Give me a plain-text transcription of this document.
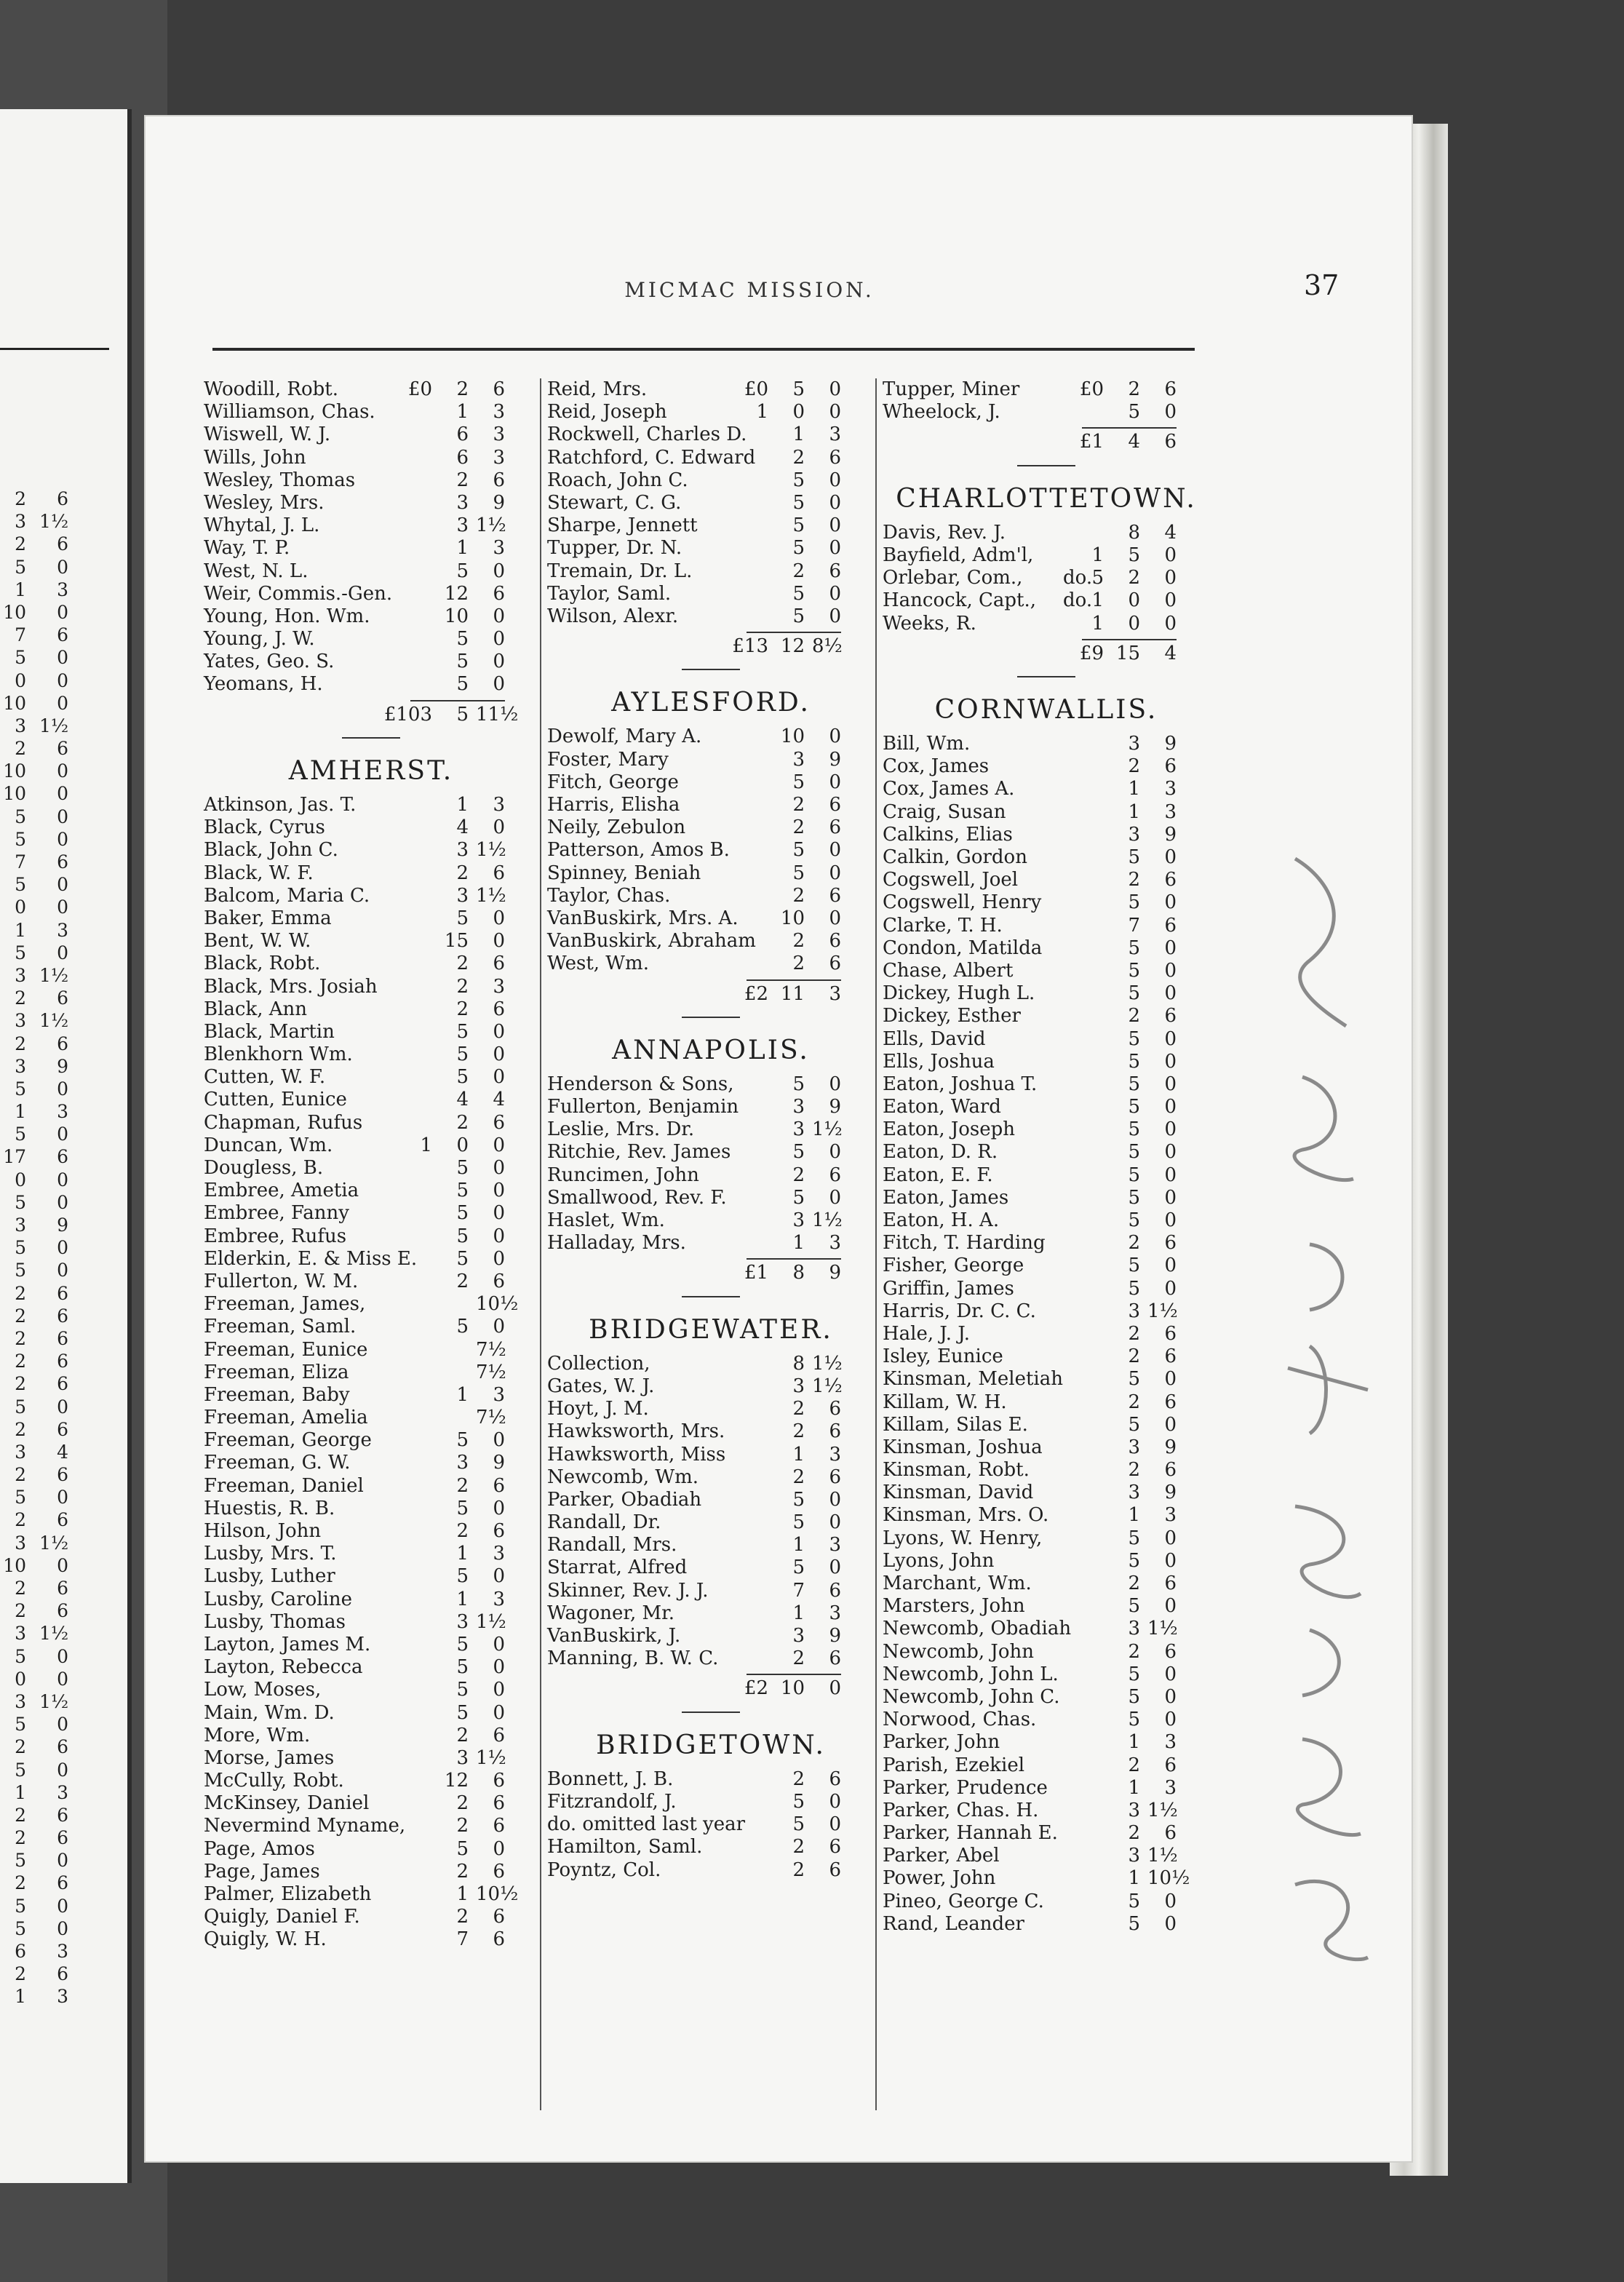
2 6
3 1½
2 6
5 0
1 3
10 0
7 6
5 0
0 0
10 0
3 1½
2 6
10 0
10 0
5 0
5 0
7 6
5 0
0 0
1 3
5 0
3 1½
2 6
3 1½
2 6
3 9
5 0
1 3
5 0
17 6
0 0
5 0
3 9
5 0
5 0
2 6
2 6
2 6
2 6
2 6
5 0
2 6
3 4
2 6
5 0
2 6
3 1½
10 0
2 6
2 6
3 1½
5 0
0 0
3 1½
5 0
2 6
5 0
1 3
2 6
2 6
5 0
2 6
5 0
5 0
6 3
2 6
1 3
MICMAC MISSION.	37
Woodill, Robt.	£0	2	6
Williamson, Chas.	1	3
Wiswell, W. J.	6	3
Wills, John	6	3
Wesley, Thomas	2	6
Wesley, Mrs.	3	9
Whytal, J. L.	3 1½
Way, T. P.	1	3
West, N. L.	5	0
Weir, Commis.-Gen.	12	6
Young, Hon. Wm.	10	0
Young, J. W.	5	0
Yates, Geo. S.	5	0
Yeomans, H.	5	0
£103	5 11½
AMHERST.
Atkinson, Jas. T.	1	3
Black, Cyrus	4	0
Black, John C.	3 1½
Black, W. F.	2	6
Balcom, Maria C.	3 1½
Baker, Emma	5	0
Bent, W. W.	15	0
Black, Robt.	2	6
Black, Mrs. Josiah	2	3
Black, Ann	2	6
Black, Martin	5	0
Blenkhorn Wm.	5	0
Cutten, W. F.	5	0
Cutten, Eunice	4	4
Chapman, Rufus	2	6
Duncan, Wm.	1	0	0
Dougless, B.	5	0
Embree, Ametia	5	0
Embree, Fanny	5	0
Embree, Rufus	5	0
Elderkin, E. & Miss E.	5	0
Fullerton, W. M.	2	6
Freeman, James,	10½
Freeman, Saml.	5	0
Freeman, Eunice	7½
Freeman, Eliza	7½
Freeman, Baby	1	3
Freeman, Amelia	7½
Freeman, George	5	0
Freeman, G. W.	3	9
Freeman, Daniel	2	6
Huestis, R. B.	5	0
Hilson, John	2	6
Lusby, Mrs. T.	1	3
Lusby, Luther	5	0
Lusby, Caroline	1	3
Lusby, Thomas	3 1½
Layton, James M.	5	0
Layton, Rebecca	5	0
Low, Moses,	5	0
Main, Wm. D.	5	0
More, Wm.	2	6
Morse, James	3 1½
McCully, Robt.	12	6
McKinsey, Daniel	2	6
Nevermind Myname,	2	6
Page, Amos	5	0
Page, James	2	6
Palmer, Elizabeth	1 10½
Quigly, Daniel F.	2	6
Quigly, W. H.	7	6
Reid, Mrs.	£0	5	0
Reid, Joseph	1	0	0
Rockwell, Charles D.	1	3
Ratchford, C. Edward	2	6
Roach, John C.	5	0
Stewart, C. G.	5	0
Sharpe, Jennett	5	0
Tupper, Dr. N.	5	0
Tremain, Dr. L.	2	6
Taylor, Saml.	5	0
Wilson, Alexr.	5	0
£13 12 8½
AYLESFORD.
Dewolf, Mary A.	10	0
Foster, Mary	3	9
Fitch, George	5	0
Harris, Elisha	2	6
Neily, Zebulon	2	6
Patterson, Amos B.	5	0
Spinney, Beniah	5	0
Taylor, Chas.	2	6
VanBuskirk, Mrs. A. 10	0
VanBuskirk, Abraham	2	6
West, Wm.	2	6
£2 11	3
ANNAPOLIS.
Henderson & Sons,	5	0
Fullerton, Benjamin	3	9
Leslie, Mrs. Dr.	3 1½
Ritchie, Rev. James	5	0
Runcimen, John	2	6
Smallwood, Rev. F.	5	0
Haslet, Wm.	3 1½
Halladay, Mrs.	1	3
£1	8	9
BRIDGEWATER.
Collection,	8 1½
Gates, W. J.	3 1½
Hoyt, J. M.	2	6
Hawksworth, Mrs.	2	6
Hawksworth, Miss	1	3
Newcomb, Wm.	2	6
Parker, Obadiah	5	0
Randall, Dr.	5	0
Randall, Mrs.	1	3
Starrat, Alfred	5	0
Skinner, Rev. J. J.	7	6
Wagoner, Mr.	1	3
VanBuskirk, J.	3	9
Manning, B. W. C.	2	6
£2 10	0
BRIDGETOWN.
Bonnett, J. B.	2	6
Fitzrandolf, J.	5	0
do. omitted last year	5	0
Hamilton, Saml.	2	6
Poyntz, Col.	2	6
Tupper, Miner	£0	2	6
Wheelock, J.	5	0
£1	4	6
CHARLOTTETOWN.
Davis, Rev. J.	8	4
Bayfield, Adm'l,	1	5	0
Orlebar, Com., do. 5	2	0
Hancock, Capt., do. 1	0	0
Weeks, R.	1	0	0
£9 15	4
CORNWALLIS.
Bill, Wm.	3	9
Cox, James	2	6
Cox, James A.	1	3
Craig, Susan	1	3
Calkins, Elias	3	9
Calkin, Gordon	5	0
Cogswell, Joel	2	6
Cogswell, Henry	5	0
Clarke, T. H.	7	6
Condon, Matilda	5	0
Chase, Albert	5	0
Dickey, Hugh L.	5	0
Dickey, Esther	2	6
Ells, David	5	0
Ells, Joshua	5	0
Eaton, Joshua T.	5	0
Eaton, Ward	5	0
Eaton, Joseph	5	0
Eaton, D. R.	5	0
Eaton, E. F.	5	0
Eaton, James	5	0
Eaton, H. A.	5	0
Fitch, T. Harding	2	6
Fisher, George	5	0
Griffin, James	5	0
Harris, Dr. C. C.	3 1½
Hale, J. J.	2	6
Isley, Eunice	2	6
Kinsman, Meletiah	5	0
Killam, W. H.	2	6
Killam, Silas E.	5	0
Kinsman, Joshua	3	9
Kinsman, Robt.	2	6
Kinsman, David	3	9
Kinsman, Mrs. O.	1	3
Lyons, W. Henry,	5	0
Lyons, John	5	0
Marchant, Wm.	2	6
Marsters, John	5	0
Newcomb, Obadiah	3 1½
Newcomb, John	2	6
Newcomb, John L.	5	0
Newcomb, John C.	5	0
Norwood, Chas.	5	0
Parker, John	1	3
Parish, Ezekiel	2	6
Parker, Prudence	1	3
Parker, Chas. H.	3 1½
Parker, Hannah E.	2	6
Parker, Abel	3 1½
Power, John	1 10½
Pineo, George C.	5	0
Rand, Leander	5	0
